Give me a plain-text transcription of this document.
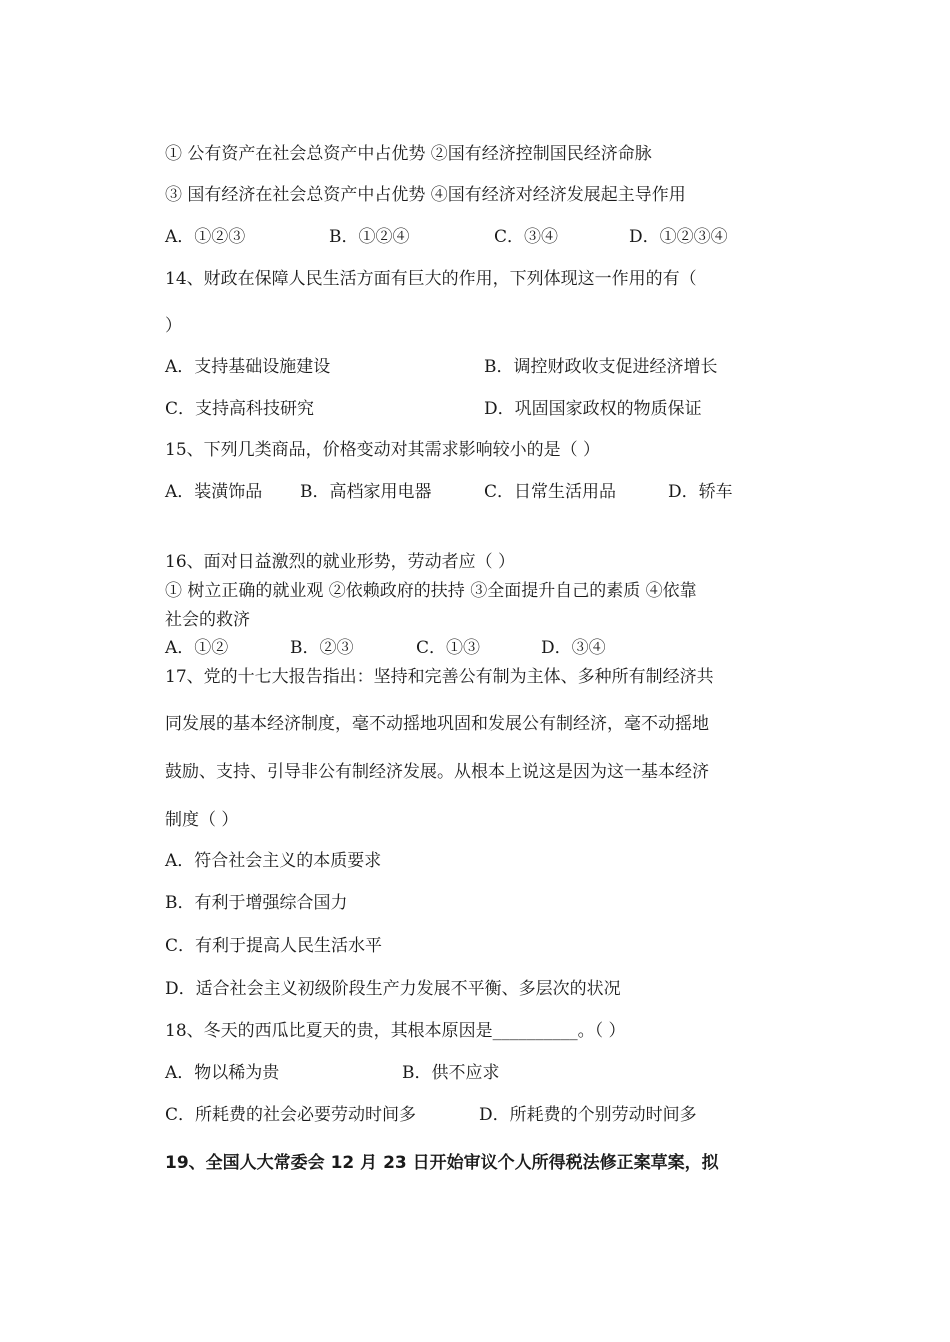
① 公有资产在社会总资产中占优势 ②国有经济控制国民经济命脉

③ 国有经济在社会总资产中占优势 ④国有经济对经济发展起主导作用

A．①②③	B．①②④	C．③④	D．①②③④

14、财政在保障人民生活方面有巨大的作用，下列体现这一作用的有（

）

A．支持基础设施建设	B．调控财政收支促进经济增长

C．支持高科技研究	D．巩固国家政权的物质保证

15、下列几类商品，价格变动对其需求影响较小的是（ ）

A．装潢饰品 B．高档家用电器	C．日常生活用品	D．轿车

16、面对日益激烈的就业形势，劳动者应（ ）

① 树立正确的就业观 ②依赖政府的扶持 ③全面提升自己的素质 ④依靠

社会的救济

A．①②	B．②③	C．①③	D．③④

17、党的十七大报告指出：坚持和完善公有制为主体、多种所有制经济共

同发展的基本经济制度，毫不动摇地巩固和发展公有制经济，毫不动摇地

鼓励、支持、引导非公有制经济发展。从根本上说这是因为这一基本经济

制度（ ）

A．符合社会主义的本质要求

B．有利于增强综合国力

C．有利于提高人民生活水平

D．适合社会主义初级阶段生产力发展不平衡、多层次的状况

18、冬天的西瓜比夏天的贵，其根本原因是__________。（ ）

A．物以稀为贵	B．供不应求

C．所耗费的社会必要劳动时间多	D．所耗费的个别劳动时间多

19、全国人大常委会 12 月 23 日开始审议个人所得税法修正案草案，拟
